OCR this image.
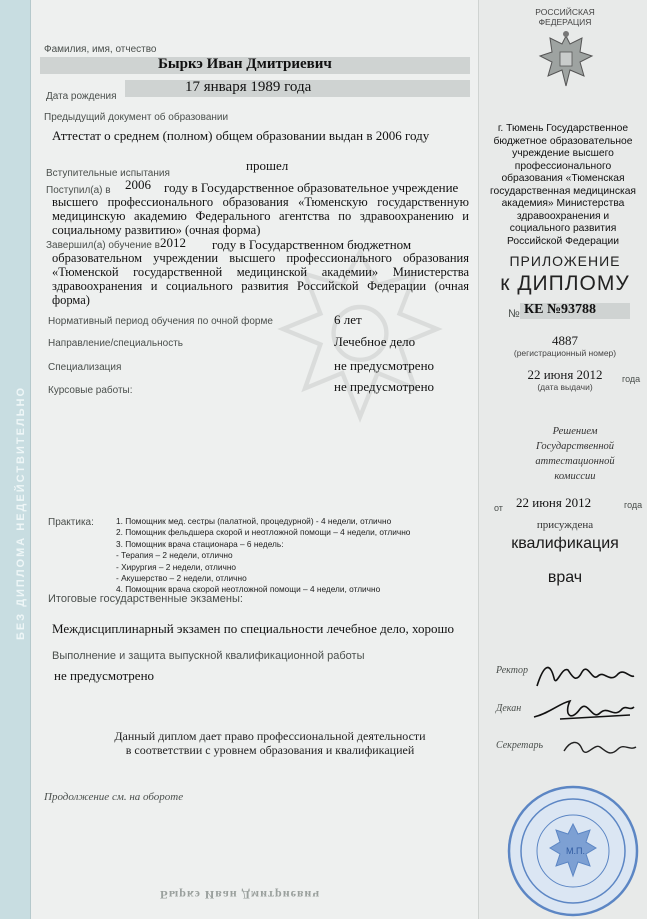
БЕЗ ДИПЛОМА НЕДЕЙСТВИТЕЛЬНО
Фамилия, имя, отчество
Быркэ Иван Дмитриевич
Дата рождения
17 января 1989 года
Предыдущий документ об образовании
Аттестат о среднем (полном) общем образовании выдан в 2006 году
Вступительные испытания
прошел
Поступил(а) в 2006 году в Государственное образовательное учреждение
высшего профессионального образования «Тюменскую государственную медицинскую академию Федерального агентства по здравоохранению и социальному развитию» (очная форма)
Завершил(а) обучение в 2012 году в Государственном бюджетном
образовательном учреждении высшего профессионального образования «Тюменской государственной медицинской академии» Министерства здравоохранения и социального развития Российской Федерации (очная форма)
Нормативный период обучения по очной форме	6 лет
Направление/специальность	Лечебное дело
Специализация	не предусмотрено
Курсовые работы:	не предусмотрено
Практика:	1. Помощник мед. сестры (палатной, процедурной) - 4 недели, отлично
2. Помощник фельдшера скорой и неотложной помощи – 4 недели, отлично
3. Помощник врача стационара – 6 недель:
- Терапия – 2 недели, отлично
- Хирургия – 2 недели, отлично
- Акушерство – 2 недели, отлично
4. Помощник врача скорой неотложной помощи – 4 недели, отлично
Итоговые государственные экзамены:
Междисциплинарный экзамен по специальности лечебное дело, хорошо
Выполнение и защита выпускной квалификационной работы
не предусмотрено
Данный диплом дает право профессиональной деятельности
в соответствии с уровнем образования и квалификацией
Продолжение см. на обороте
Быркэ Иван Дмитриевич
РОССИЙСКАЯ
ФЕДЕРАЦИЯ
г. Тюмень Государственное бюджетное образовательное учреждение высшего профессионального образования «Тюменская государственная медицинская академия» Министерства здравоохранения и социального развития Российской Федерации
ПРИЛОЖЕНИЕ
к ДИПЛОМУ
№ КЕ №93788
4887
(регистрационный номер)
22 июня 2012	года
(дата выдачи)
Решением Государственной аттестационной комиссии
от 22 июня 2012	года
присуждена
квалификация
врач
Ректор
Декан
Секретарь
М.П.
